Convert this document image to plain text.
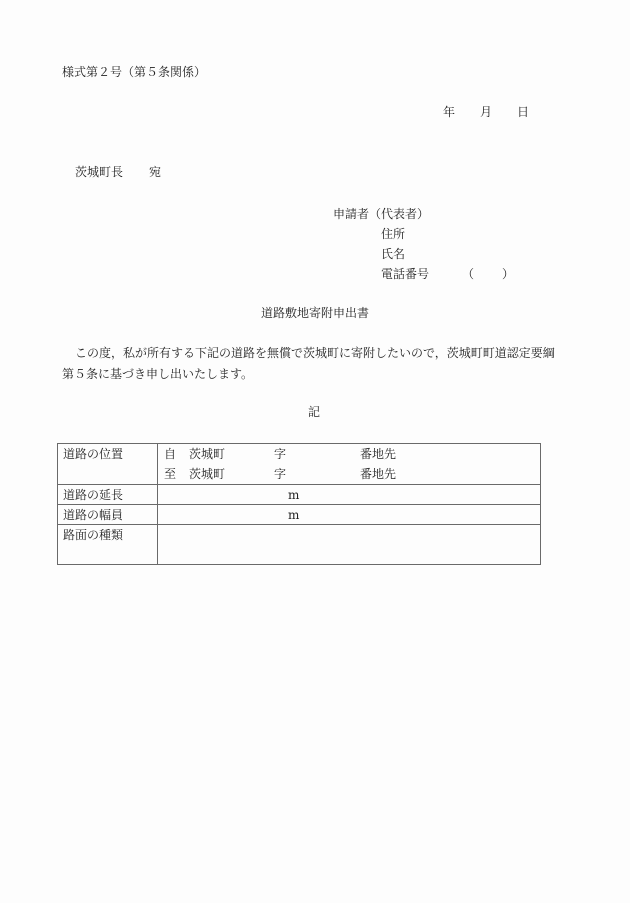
様式第２号（第５条関係）
年 月 日
茨城町長 宛
申請者（代表者）
住所
氏名
電話番号	（ ）
道路敷地寄附申出書
この度，私が所有する下記の道路を無償で茨城町に寄附したいので，茨城町町道認定要綱
第５条に基づき申し出いたします。
記
道路の位置	自 茨城町	字	番地先
至 茨城町	字	番地先
道路の延長	m
道路の幅員	m
路面の種類
